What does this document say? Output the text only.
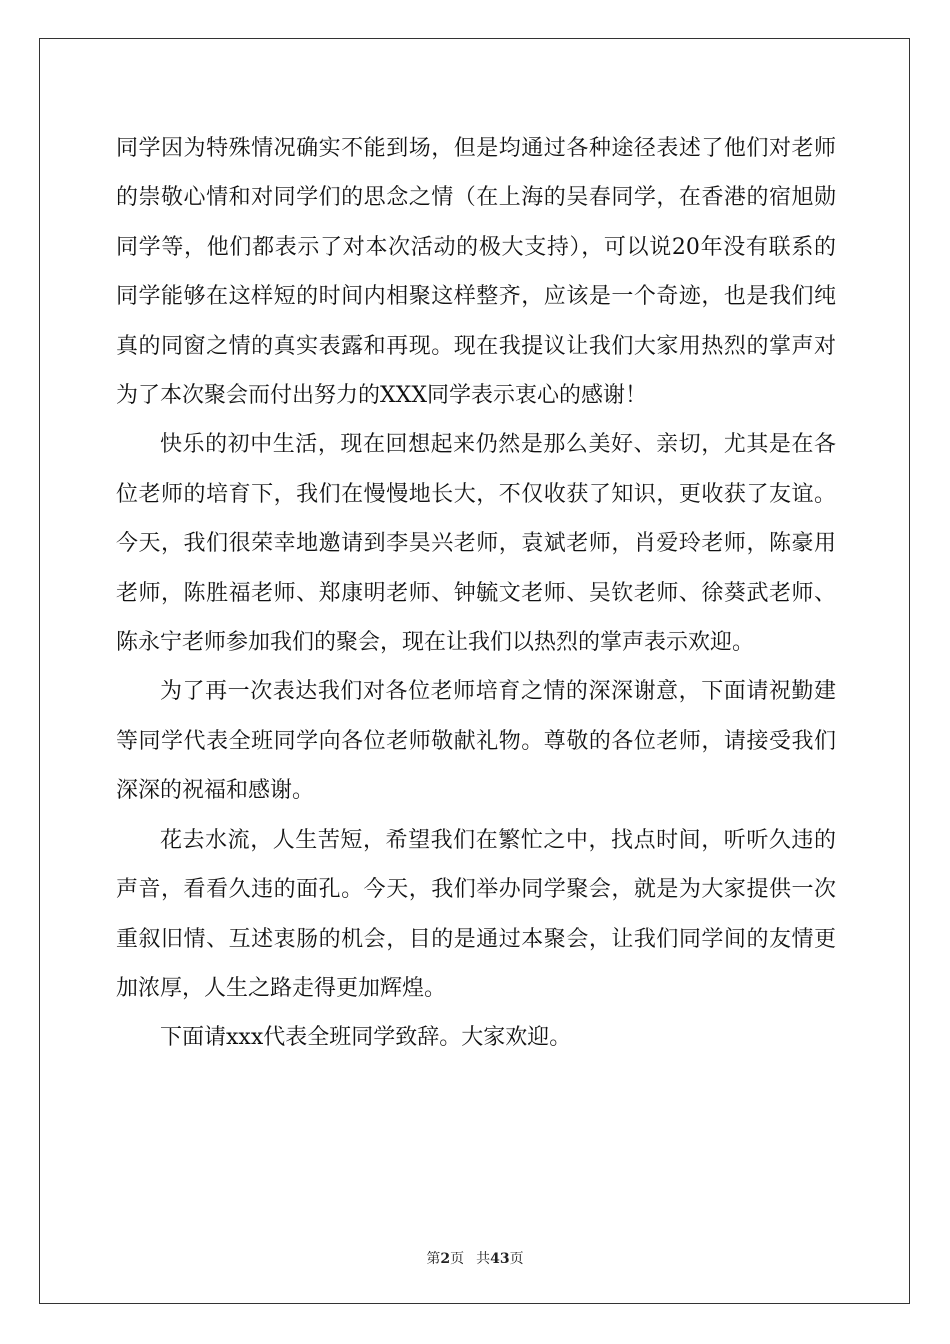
同学因为特殊情况确实不能到场，但是均通过各种途径表述了他们对老师的崇敬心情和对同学们的思念之情（在上海的吴春同学，在香港的宿旭勋同学等，他们都表示了对本次活动的极大支持），可以说20年没有联系的同学能够在这样短的时间内相聚这样整齐，应该是一个奇迹，也是我们纯真的同窗之情的真实表露和再现。现在我提议让我们大家用热烈的掌声对为了本次聚会而付出努力的XXX同学表示衷心的感谢！

快乐的初中生活，现在回想起来仍然是那么美好、亲切，尤其是在各位老师的培育下，我们在慢慢地长大，不仅收获了知识，更收获了友谊。今天，我们很荣幸地邀请到李昊兴老师，袁斌老师，肖爱玲老师，陈豪用老师，陈胜福老师、郑康明老师、钟毓文老师、吴钦老师、徐葵武老师、陈永宁老师参加我们的聚会，现在让我们以热烈的掌声表示欢迎。

为了再一次表达我们对各位老师培育之情的深深谢意，下面请祝勤建等同学代表全班同学向各位老师敬献礼物。尊敬的各位老师，请接受我们深深的祝福和感谢。

花去水流，人生苦短，希望我们在繁忙之中，找点时间，听听久违的声音，看看久违的面孔。今天，我们举办同学聚会，就是为大家提供一次重叙旧情、互述衷肠的机会，目的是通过本聚会，让我们同学间的友情更加浓厚，人生之路走得更加辉煌。

下面请xxx代表全班同学致辞。大家欢迎。

第2页 共43页
